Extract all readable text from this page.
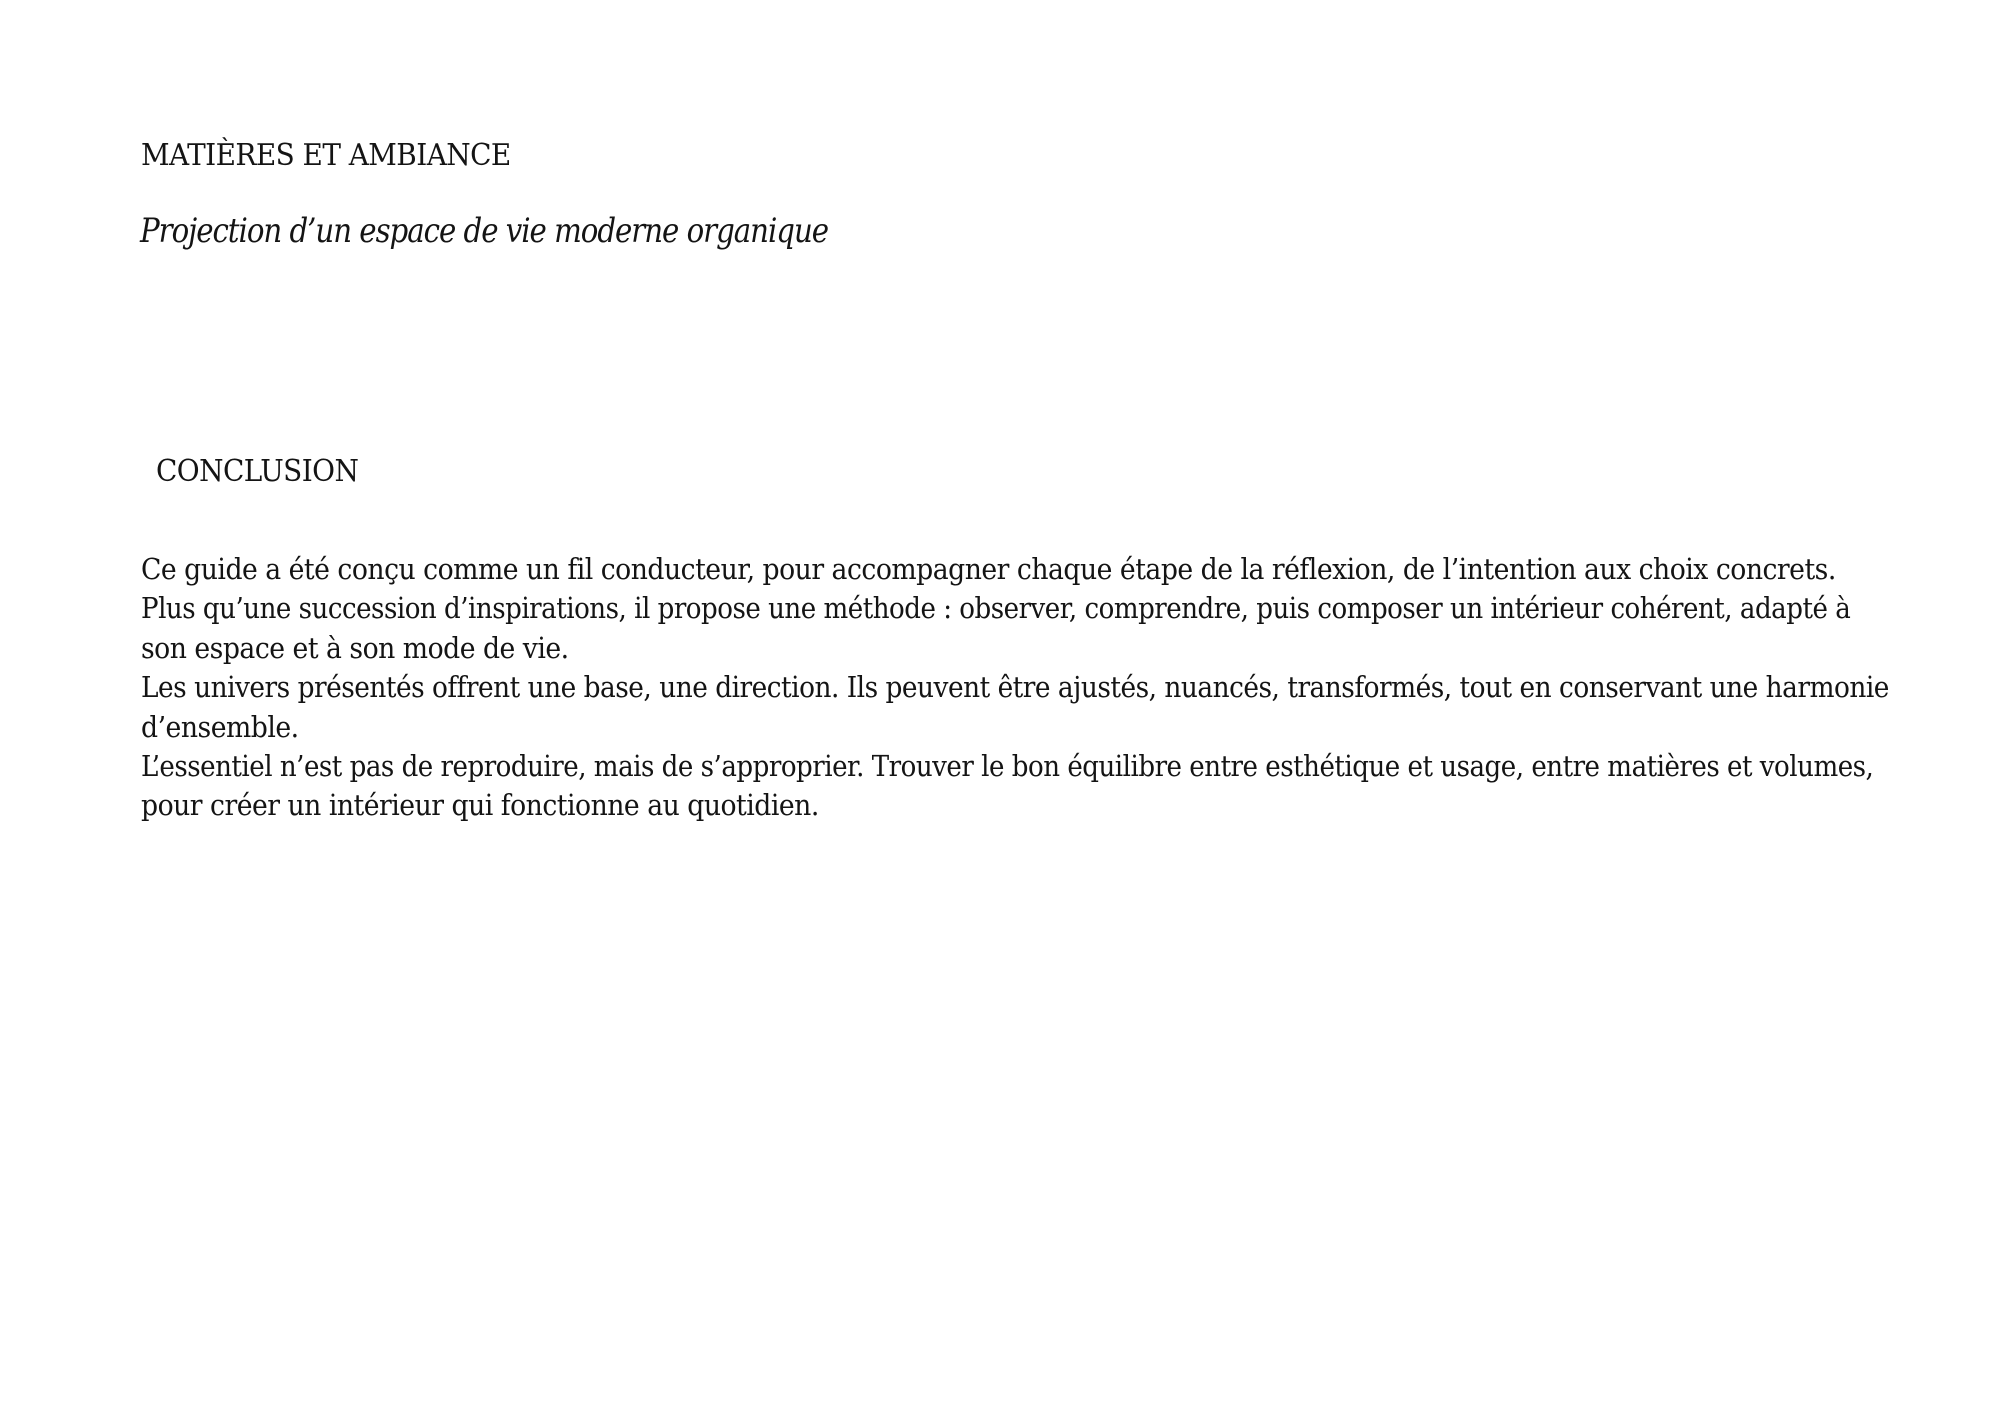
MATIÈRES ET AMBIANCE
Projection d’un espace de vie moderne organique
CONCLUSION
Ce guide a été conçu comme un fil conducteur, pour accompagner chaque étape de la réflexion, de l’intention aux choix concrets.
Plus qu’une succession d’inspirations, il propose une méthode : observer, comprendre, puis composer un intérieur cohérent, adapté à
son espace et à son mode de vie.
Les univers présentés offrent une base, une direction. Ils peuvent être ajustés, nuancés, transformés, tout en conservant une harmonie
d’ensemble.
L’essentiel n’est pas de reproduire, mais de s’approprier. Trouver le bon équilibre entre esthétique et usage, entre matières et volumes,
pour créer un intérieur qui fonctionne au quotidien.
